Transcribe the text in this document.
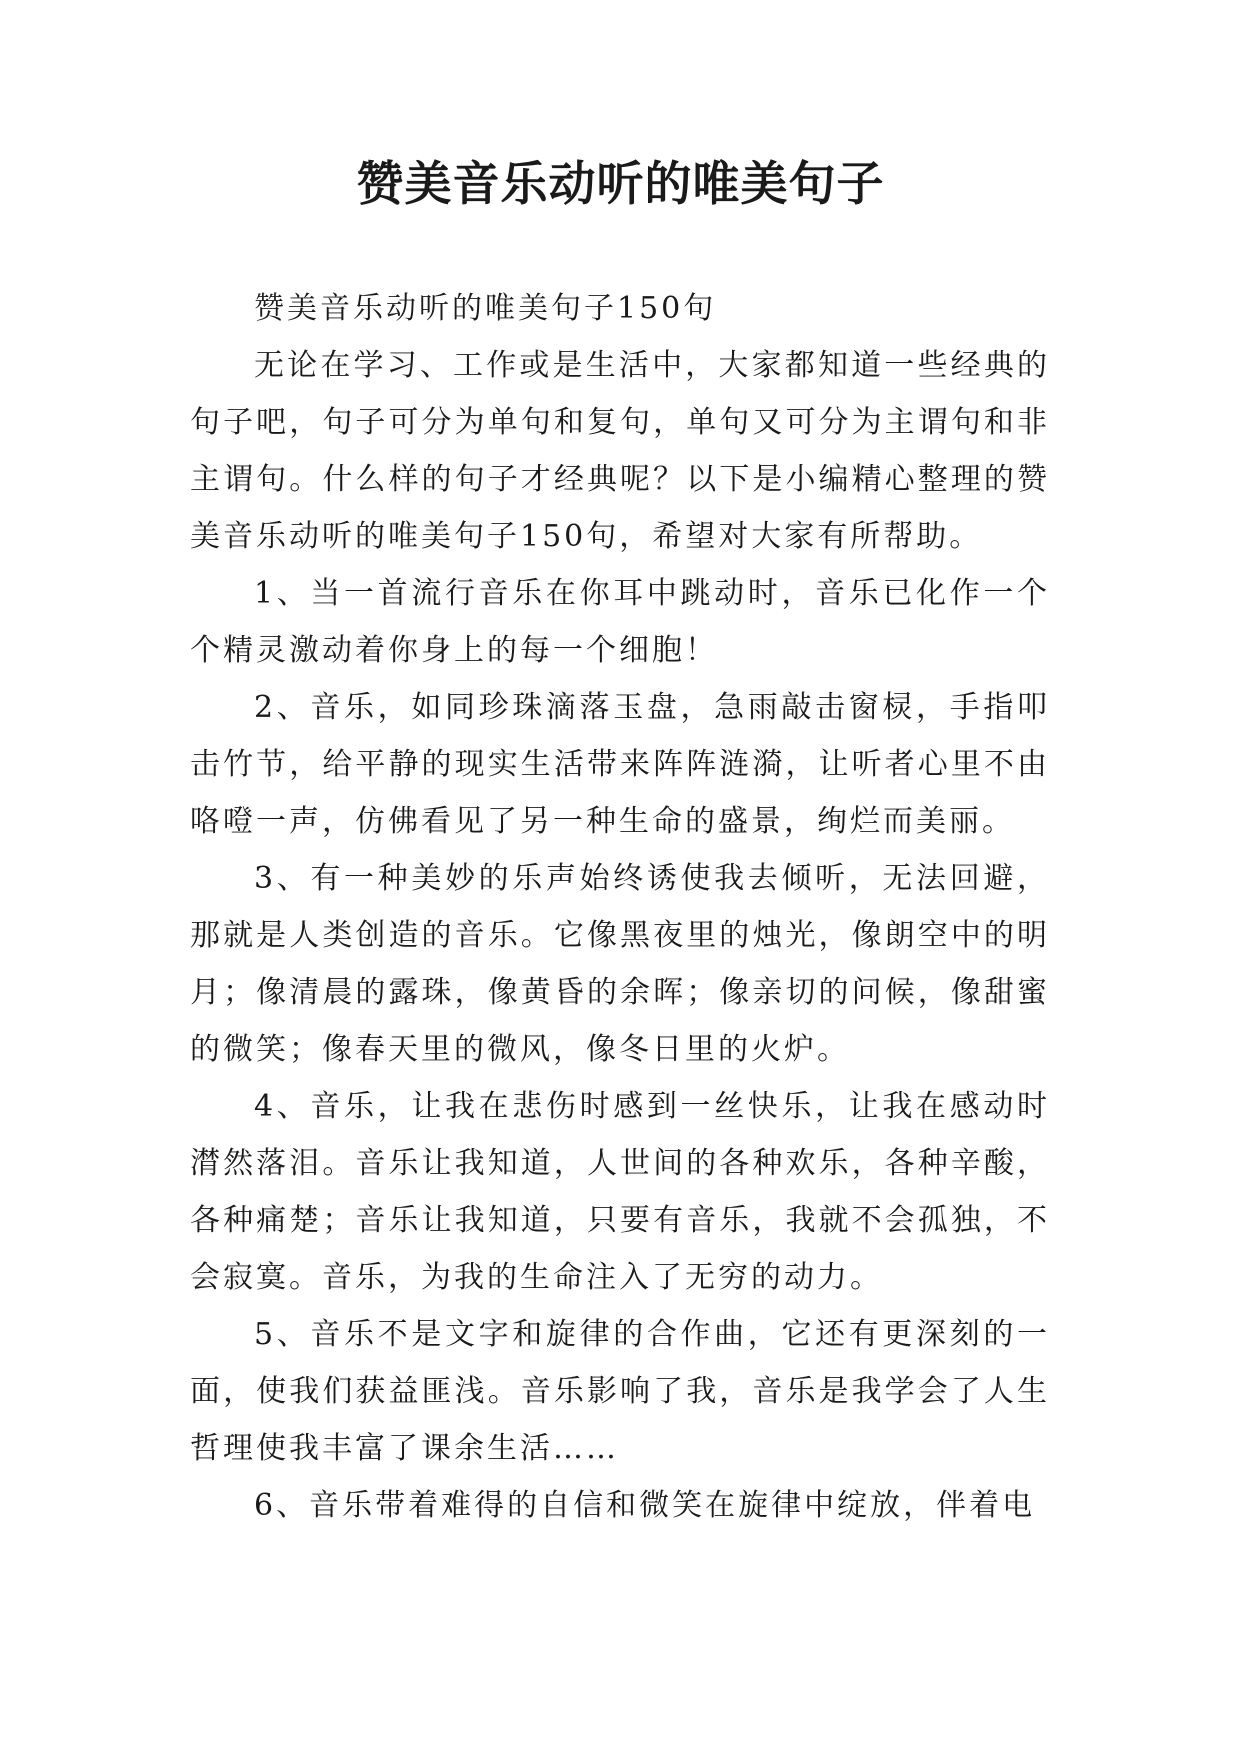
赞美音乐动听的唯美句子

赞美音乐动听的唯美句子150句

无论在学习、工作或是生活中，大家都知道一些经典的句子吧，句子可分为单句和复句，单句又可分为主谓句和非主谓句。什么样的句子才经典呢？以下是小编精心整理的赞美音乐动听的唯美句子150句，希望对大家有所帮助。

1、当一首流行音乐在你耳中跳动时，音乐已化作一个个精灵激动着你身上的每一个细胞！

2、音乐，如同珍珠滴落玉盘，急雨敲击窗棂，手指叩击竹节，给平静的现实生活带来阵阵涟漪，让听者心里不由咯噔一声，仿佛看见了另一种生命的盛景，绚烂而美丽。

3、有一种美妙的乐声始终诱使我去倾听，无法回避，那就是人类创造的音乐。它像黑夜里的烛光，像朗空中的明月；像清晨的露珠，像黄昏的余晖；像亲切的问候，像甜蜜的微笑；像春天里的微风，像冬日里的火炉。

4、音乐，让我在悲伤时感到一丝快乐，让我在感动时潸然落泪。音乐让我知道，人世间的各种欢乐，各种辛酸，各种痛楚；音乐让我知道，只要有音乐，我就不会孤独，不会寂寞。音乐，为我的生命注入了无穷的动力。

5、音乐不是文字和旋律的合作曲，它还有更深刻的一面，使我们获益匪浅。音乐影响了我，音乐是我学会了人生哲理使我丰富了课余生活……

6、音乐带着难得的自信和微笑在旋律中绽放，伴着电
